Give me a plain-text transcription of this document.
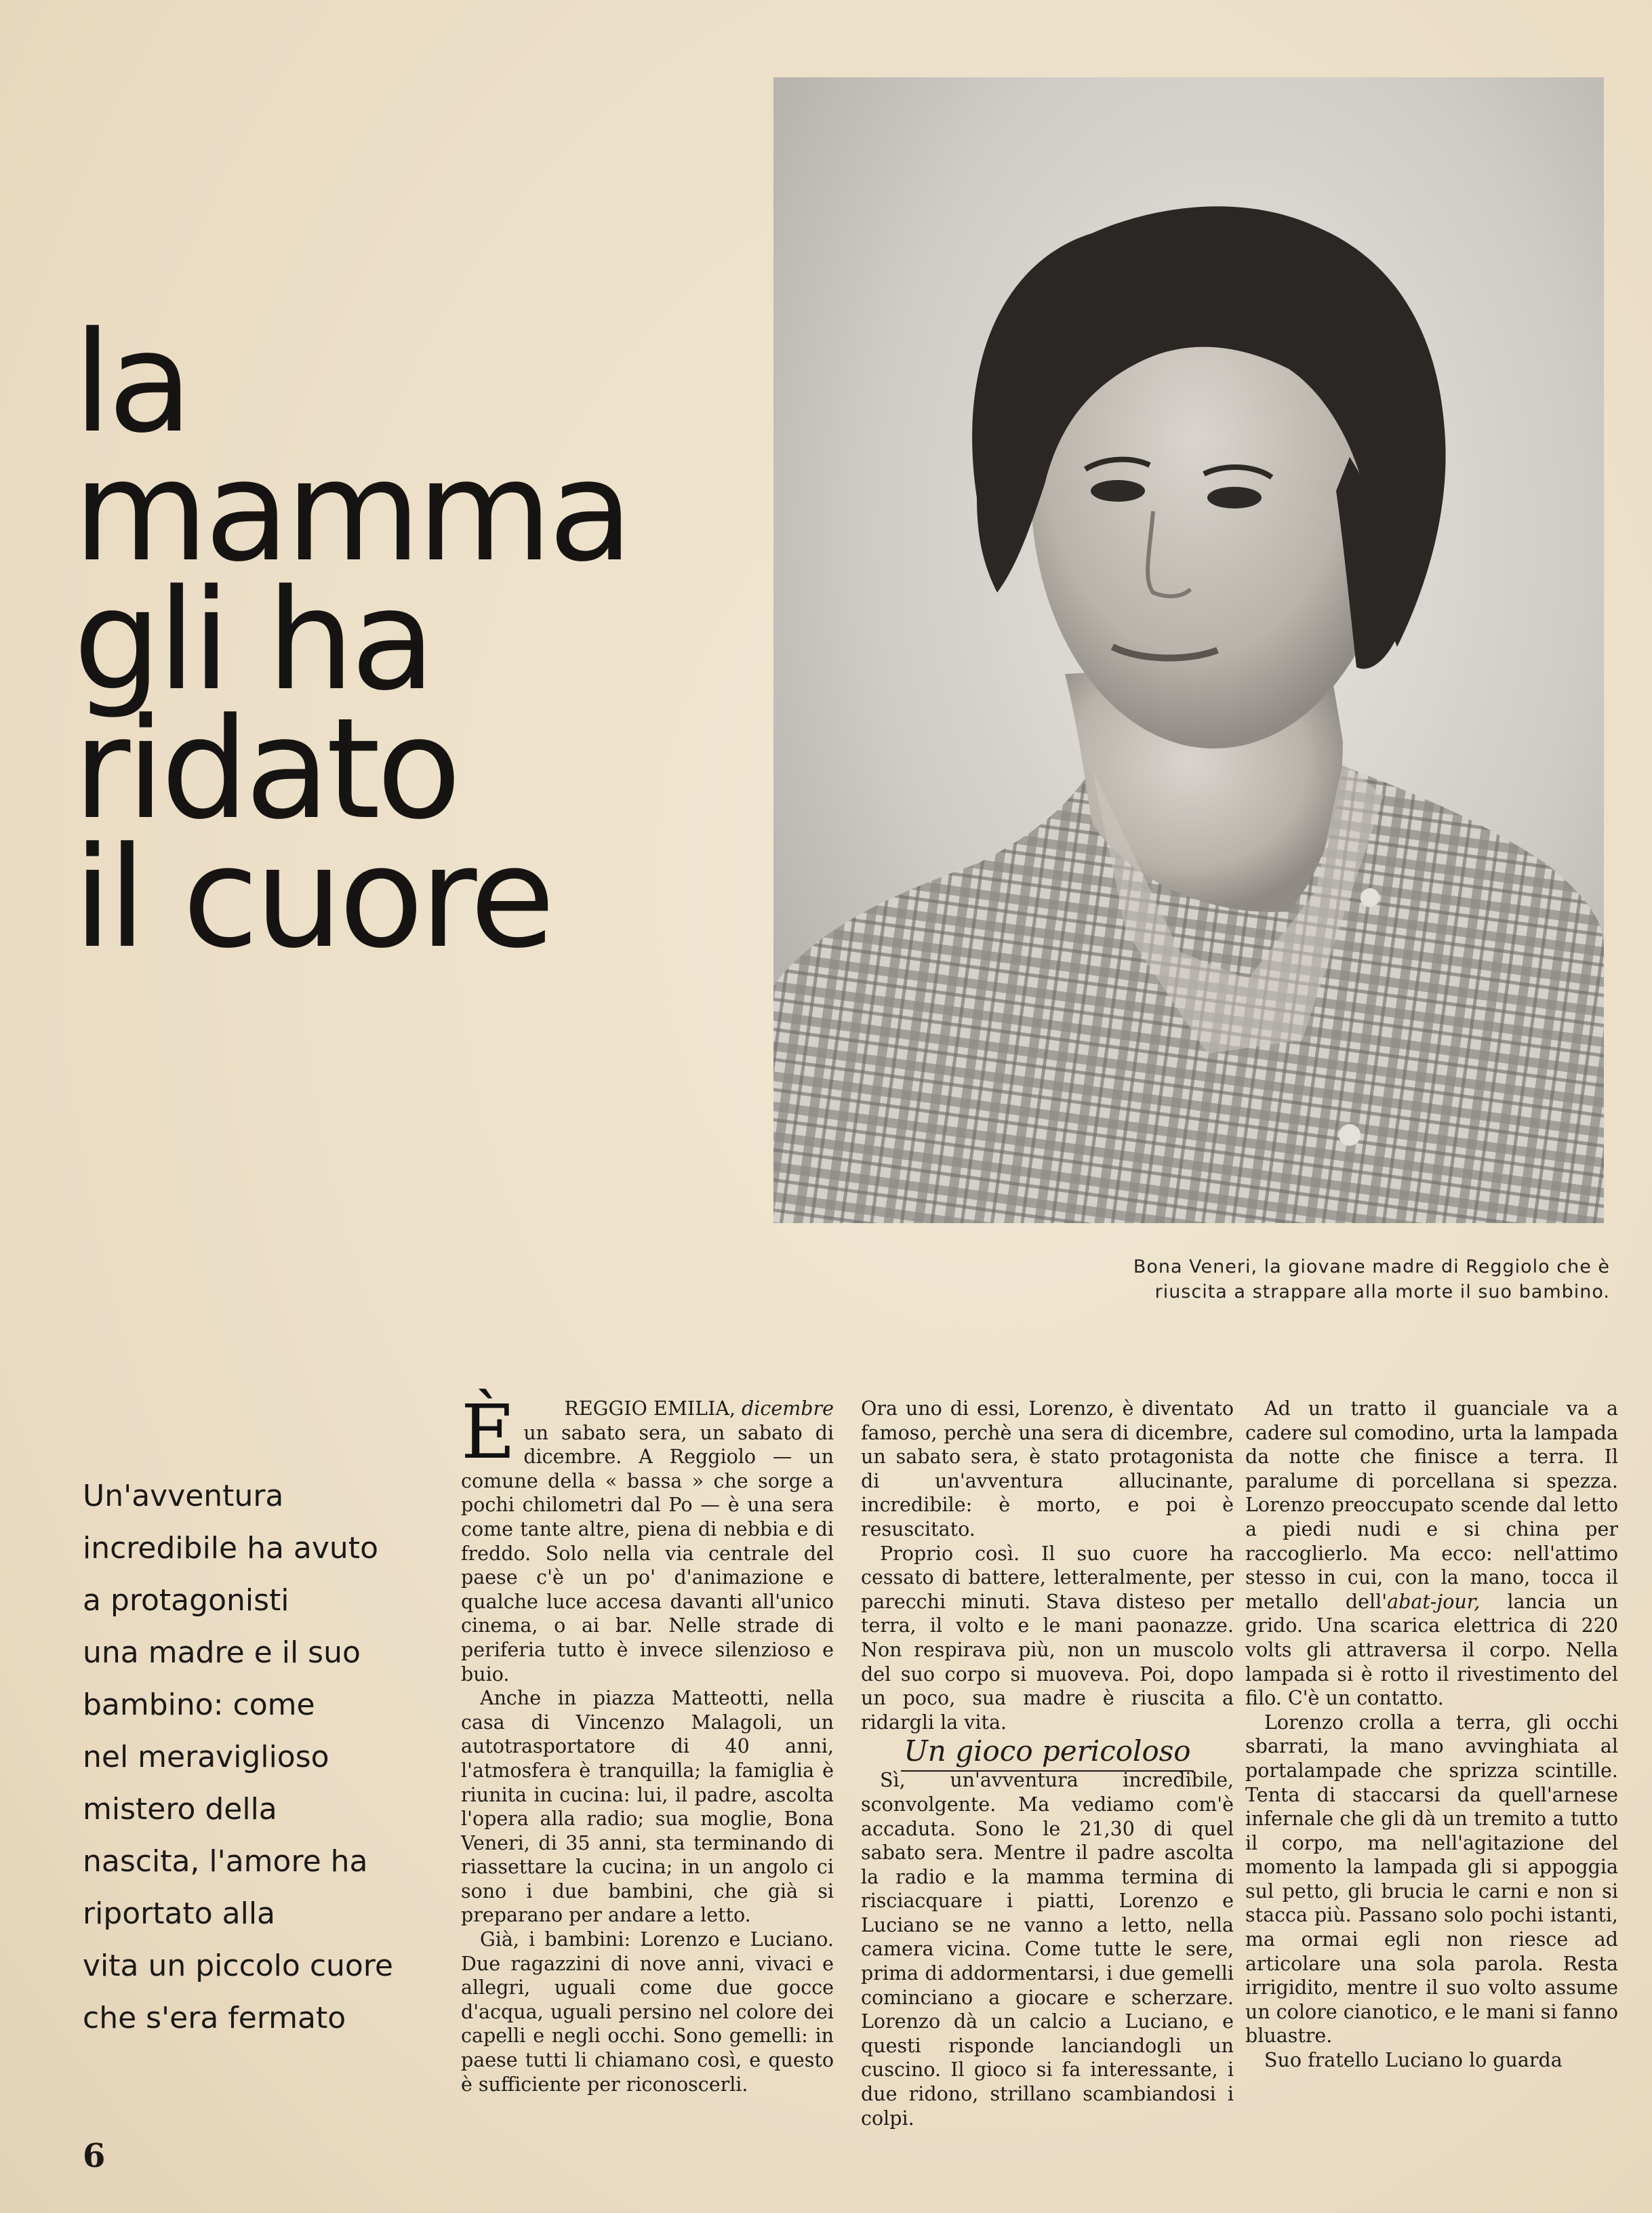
la
mamma
gli ha
ridato
il cuore
Bona Veneri, la giovane madre di Reggiolo che è
riuscita a strappare alla morte il suo bambino.
Un'avventura
incredibile ha avuto
a protagonisti
una madre e il suo
bambino: come
nel meraviglioso
mistero della
nascita, l'amore ha
riportato alla
vita un piccolo cuore
che s'era fermato
È	REGGIO EMILIA, dicembre

un sabato sera, un sabato di dicembre. A Reggiolo — un comune della « bassa » che sorge a pochi chilometri dal Po — è una sera come tante altre, piena di nebbia e di freddo. Solo nella via centrale del paese c'è un po' d'animazione e qualche luce accesa davanti all'unico cinema, o ai bar. Nelle strade di periferia tutto è invece silenzioso e buio.

Anche in piazza Matteotti, nella casa di Vincenzo Malagoli, un autotrasportatore di 40 anni, l'atmosfera è tranquilla; la famiglia è riunita in cucina: lui, il padre, ascolta l'opera alla radio; sua moglie, Bona Veneri, di 35 anni, sta terminando di riassettare la cucina; in un angolo ci sono i due bambini, che già si preparano per andare a letto.

Già, i bambini: Lorenzo e Luciano. Due ragazzini di nove anni, vivaci e allegri, uguali come due gocce d'acqua, uguali persino nel colore dei capelli e negli occhi. Sono gemelli: in paese tutti li chiamano così, e questo è sufficiente per riconoscerli.

Ora uno di essi, Lorenzo, è diventato famoso, perchè una sera di dicembre, un sabato sera, è stato protagonista di un'avventura allucinante, incredibile: è morto, e poi è resuscitato.

Proprio così. Il suo cuore ha cessato di battere, letteralmente, per parecchi minuti. Stava disteso per terra, il volto e le mani paonazze. Non respirava più, non un muscolo del suo corpo si muoveva. Poi, dopo un poco, sua madre è riuscita a ridargli la vita.

Un gioco pericoloso

Sì, un'avventura incredibile, sconvolgente. Ma vediamo com'è accaduta. Sono le 21,30 di quel sabato sera. Mentre il padre ascolta la radio e la mamma termina di risciacquare i piatti, Lorenzo e Luciano se ne vanno a letto, nella camera vicina. Come tutte le sere, prima di addormentarsi, i due gemelli cominciano a giocare e scherzare. Lorenzo dà un calcio a Luciano, e questi risponde lanciandogli un cuscino. Il gioco si fa interessante, i due ridono, strillano scambiandosi i colpi.

Ad un tratto il guanciale va a cadere sul comodino, urta la lampada da notte che finisce a terra. Il paralume di porcellana si spezza. Lorenzo preoccupato scende dal letto a piedi nudi e si china per raccoglierlo. Ma ecco: nell'attimo stesso in cui, con la mano, tocca il metallo dell'abat-jour, lancia un grido. Una scarica elettrica di 220 volts gli attraversa il corpo. Nella lampada si è rotto il rivestimento del filo. C'è un contatto.

Lorenzo crolla a terra, gli occhi sbarrati, la mano avvinghiata al portalampade che sprizza scintille. Tenta di staccarsi da quell'arnese infernale che gli dà un tremito a tutto il corpo, ma nell'agitazione del momento la lampada gli si appoggia sul petto, gli brucia le carni e non si stacca più. Passano solo pochi istanti, ma ormai egli non riesce ad articolare una sola parola. Resta irrigidito, mentre il suo volto assume un colore cianotico, e le mani si fanno bluastre.

Suo fratello Luciano lo guarda

6
